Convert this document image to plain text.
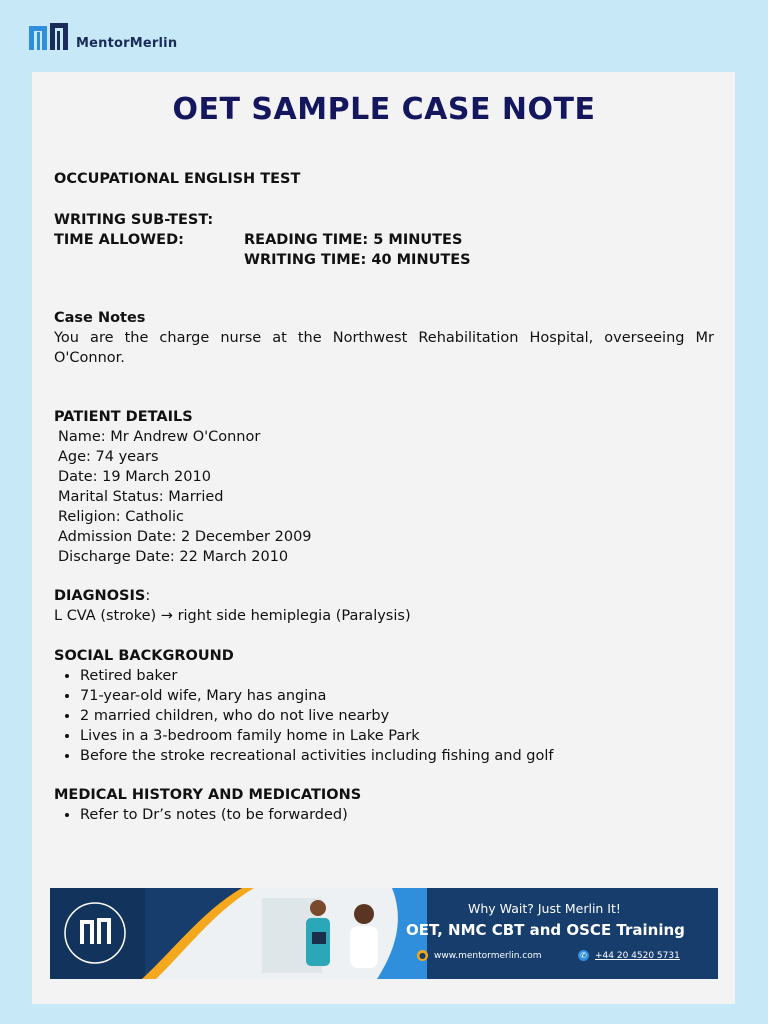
MentorMerlin
OET SAMPLE CASE NOTE
OCCUPATIONAL ENGLISH TEST
WRITING SUB-TEST:
TIME ALLOWED:	READING TIME: 5 MINUTES
WRITING TIME: 40 MINUTES
Case Notes
You are the charge nurse at the Northwest Rehabilitation Hospital, overseeing Mr O'Connor.
PATIENT DETAILS
Name: Mr Andrew O'Connor
Age: 74 years
Date: 19 March 2010
Marital Status: Married
Religion: Catholic
Admission Date: 2 December 2009
Discharge Date: 22 March 2010
DIAGNOSIS:
L CVA (stroke) → right side hemiplegia (Paralysis)
SOCIAL BACKGROUND
• Retired baker
• 71-year-old wife, Mary has angina
• 2 married children, who do not live nearby
• Lives in a 3-bedroom family home in Lake Park
• Before the stroke recreational activities including fishing and golf
MEDICAL HISTORY AND MEDICATIONS
• Refer to Dr’s notes (to be forwarded)
Why Wait? Just Merlin It!
OET, NMC CBT and OSCE Training
● www.mentormerlin.com	✆ +44 20 4520 5731
